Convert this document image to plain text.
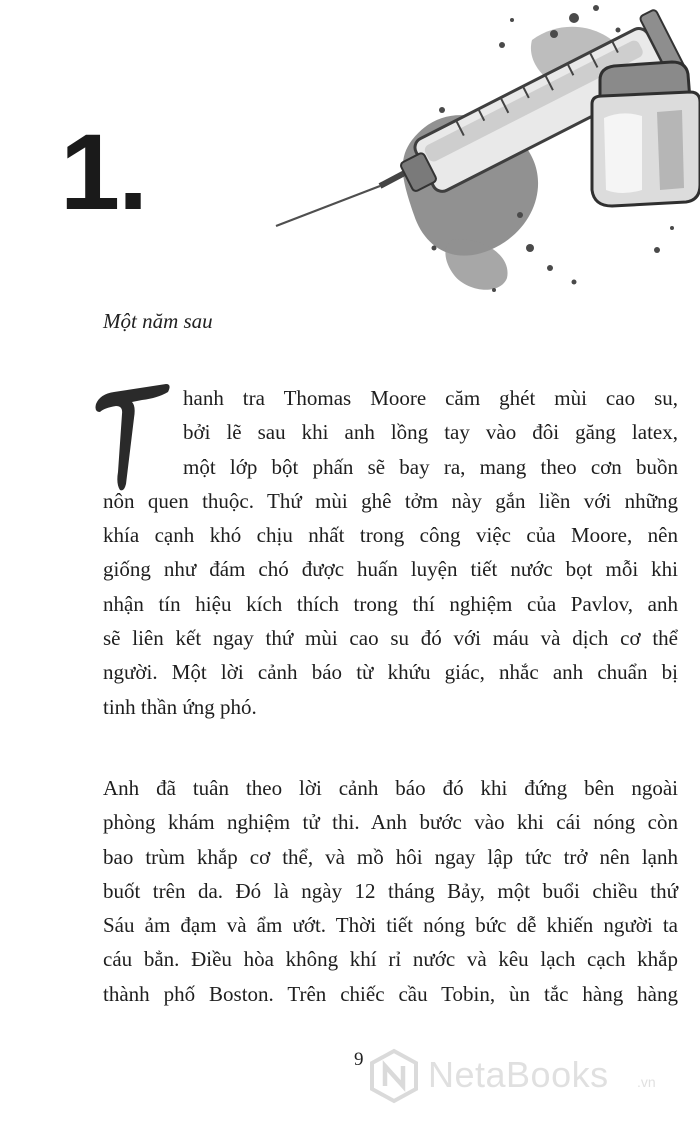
1.
Một năm sau
T	hanh tra Thomas Moore căm ghét mùi cao su,
bởi lẽ sau khi anh lồng tay vào đôi găng latex,
một lớp bột phấn sẽ bay ra, mang theo cơn buồn
nôn quen thuộc. Thứ mùi ghê tởm này gắn liền với những
khía cạnh khó chịu nhất trong công việc của Moore, nên
giống như đám chó được huấn luyện tiết nước bọt mỗi khi
nhận tín hiệu kích thích trong thí nghiệm của Pavlov, anh
sẽ liên kết ngay thứ mùi cao su đó với máu và dịch cơ thể
người. Một lời cảnh báo từ khứu giác, nhắc anh chuẩn bị
tinh thần ứng phó.
Anh đã tuân theo lời cảnh báo đó khi đứng bên ngoài
phòng khám nghiệm tử thi. Anh bước vào khi cái nóng còn
bao trùm khắp cơ thể, và mồ hôi ngay lập tức trở nên lạnh
buốt trên da. Đó là ngày 12 tháng Bảy, một buổi chiều thứ
Sáu ảm đạm và ẩm ướt. Thời tiết nóng bức dễ khiến người ta
cáu bẳn. Điều hòa không khí rỉ nước và kêu lạch cạch khắp
thành phố Boston. Trên chiếc cầu Tobin, ùn tắc hàng hàng
9 NetaBooks .vn
